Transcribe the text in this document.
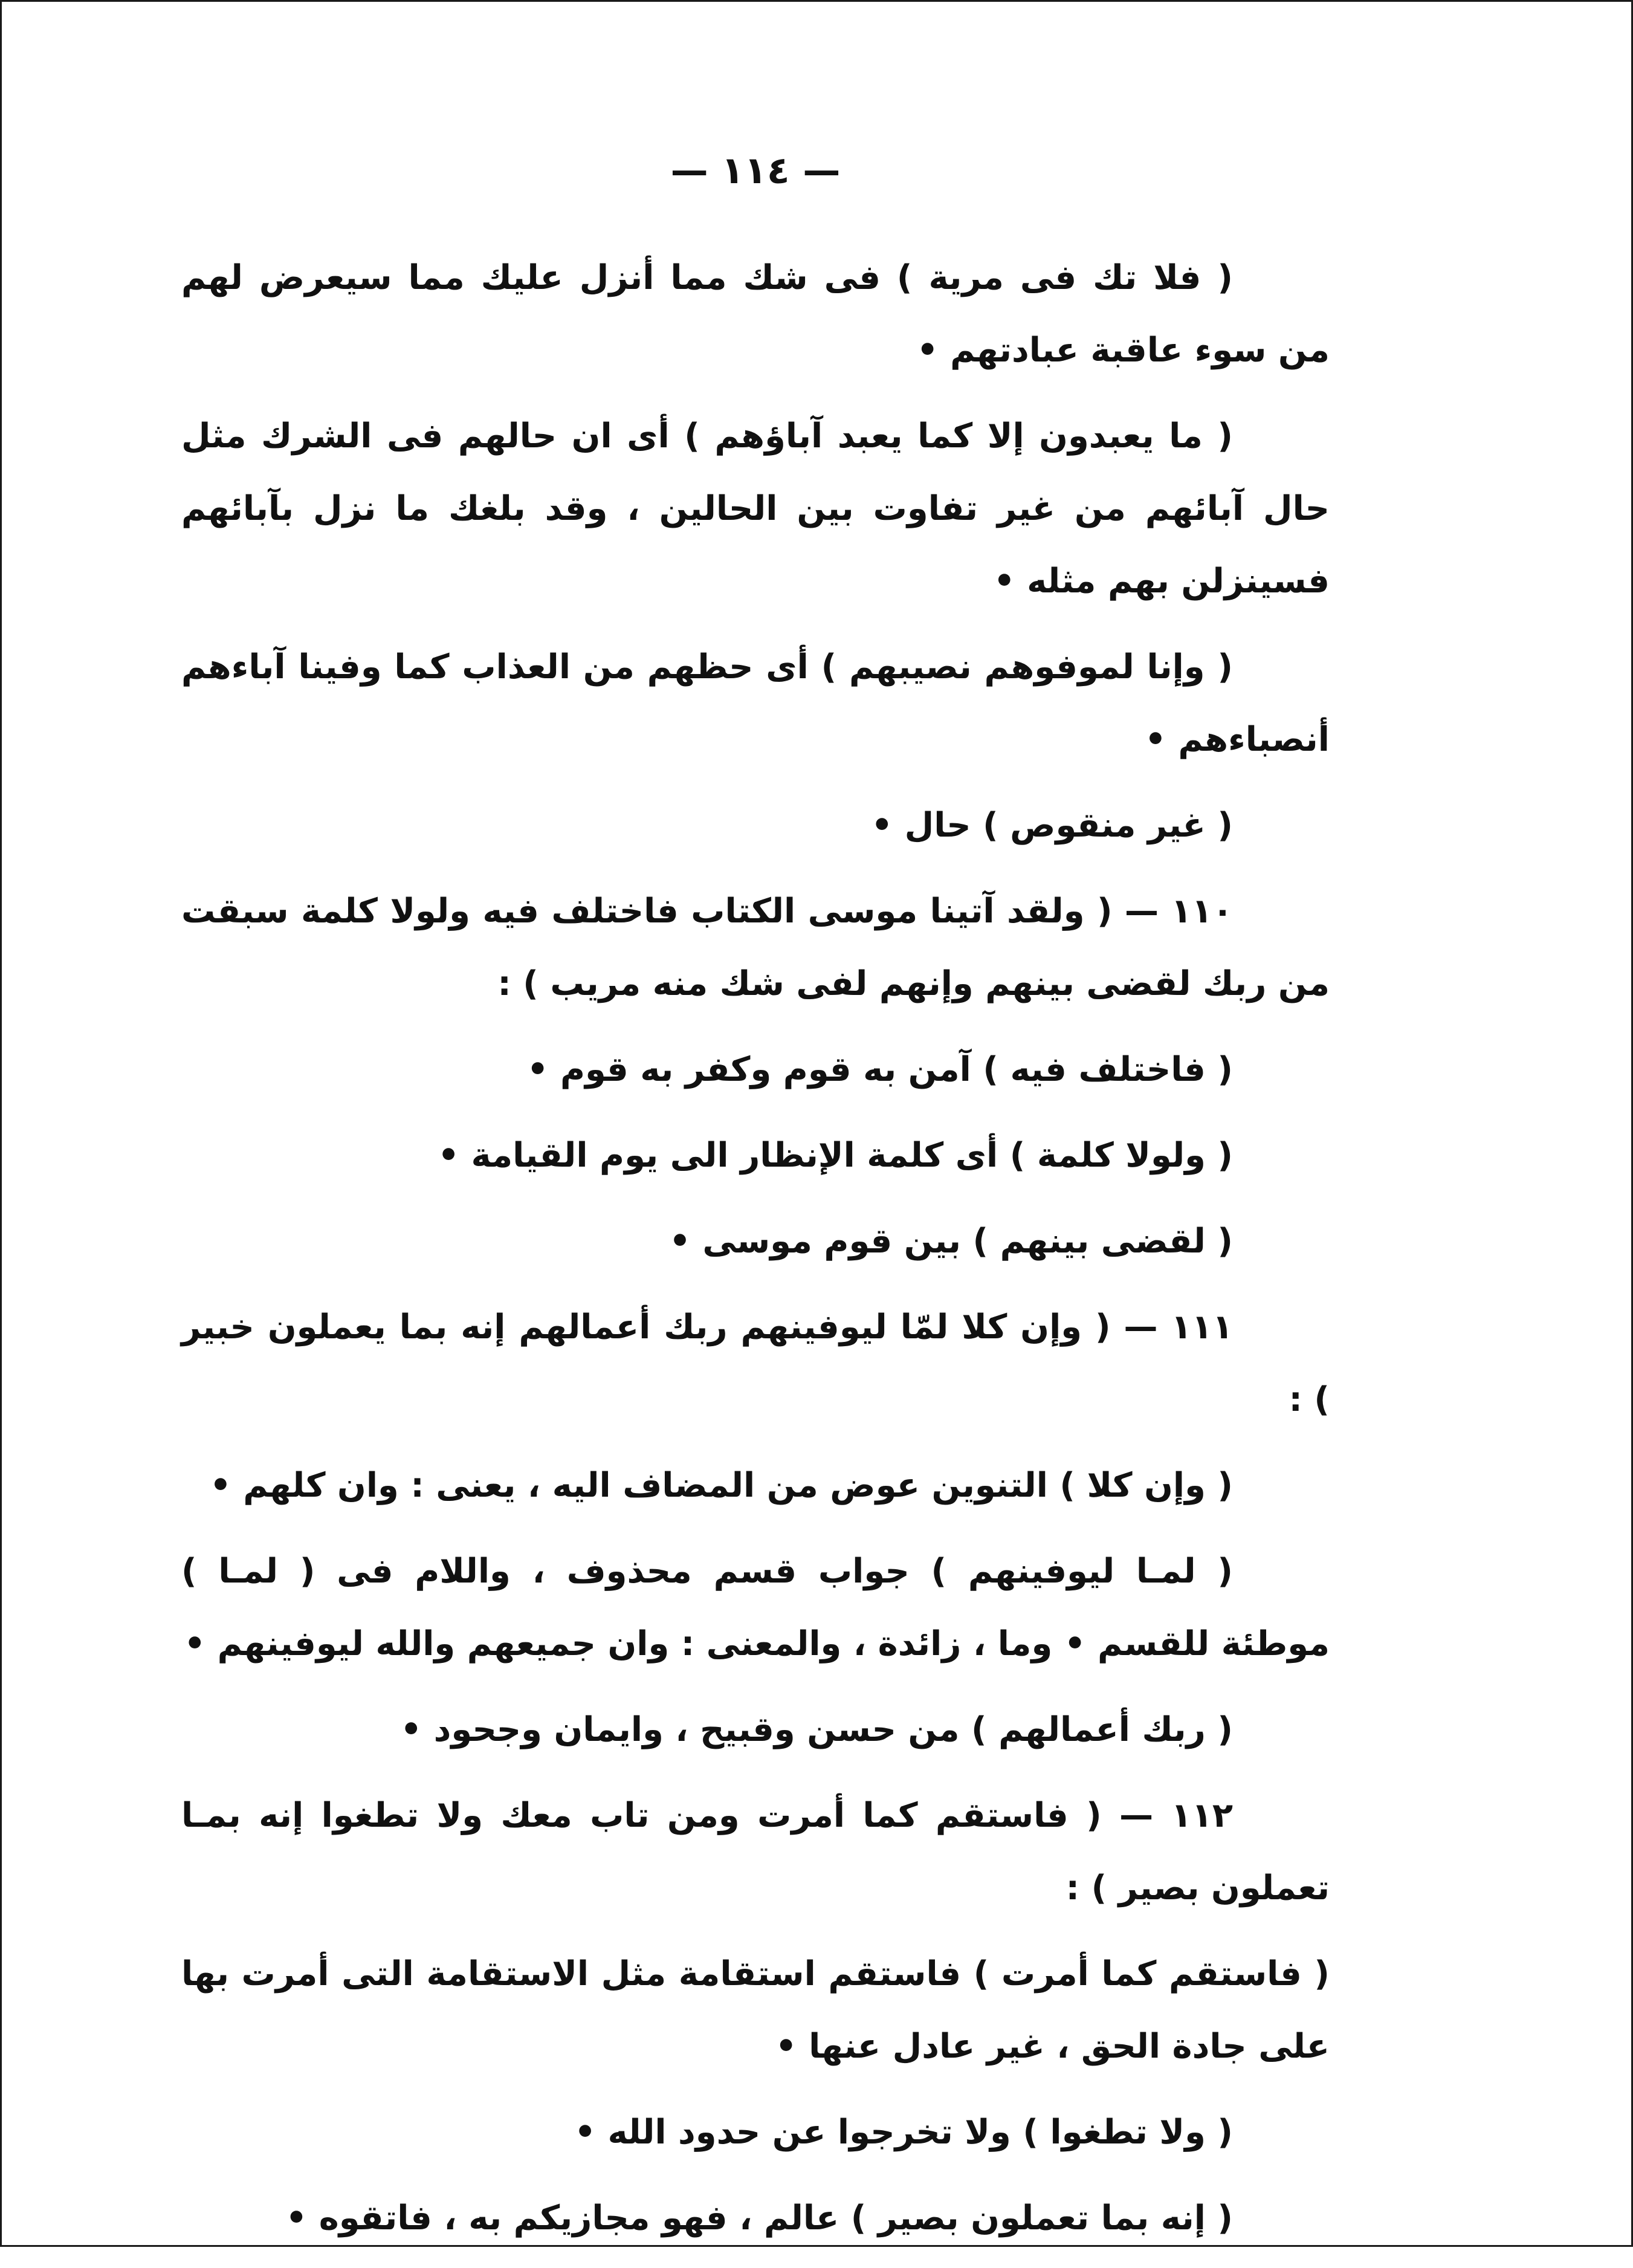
— ١١٤ —

( فلا تك فى مرية ) فى شك مما أنزل عليك مما سيعرض لهم من سوء عاقبة عبادتهم •

( ما يعبدون إلا كما يعبد آباؤهم ) أى ان حالهم فى الشرك مثل حال آبائهم من غير تفاوت بين الحالين ، وقد بلغك ما نزل بآبائهم فسينزلن بهم مثله •

( وإنا لموفوهم نصيبهم ) أى حظهم من العذاب كما وفينا آباءهم أنصباءهم •

( غير منقوص ) حال •

١١٠ — ( ولقد آتينا موسى الكتاب فاختلف فيه ولولا كلمة سبقت من ربك لقضى بينهم وإنهم لفى شك منه مريب ) :

( فاختلف فيه ) آمن به قوم وكفر به قوم •

( ولولا كلمة ) أى كلمة الإنظار الى يوم القيامة •

( لقضى بينهم ) بين قوم موسى •

١١١ — ( وإن كلا لمّا ليوفينهم ربك أعمالهم إنه بما يعملون خبير ) :

( وإن كلا ) التنوين عوض من المضاف اليه ، يعنى : وان كلهم •

( لمـا ليوفينهم ) جواب قسم محذوف ، واللام فى ( لمـا ) موطئة للقسم • وما ، زائدة ، والمعنى : وان جميعهم والله ليوفينهم •

( ربك أعمالهم ) من حسن وقبيح ، وايمان وجحود •

١١٢ — ( فاستقم كما أمرت ومن تاب معك ولا تطغوا إنه بمـا تعملون بصير ) :

( فاستقم كما أمرت ) فاستقم استقامة مثل الاستقامة التى أمرت بها على جادة الحق ، غير عادل عنها •

( ولا تطغوا ) ولا تخرجوا عن حدود الله •

( إنه بما تعملون بصير ) عالم ، فهو مجازيكم به ، فاتقوه •
